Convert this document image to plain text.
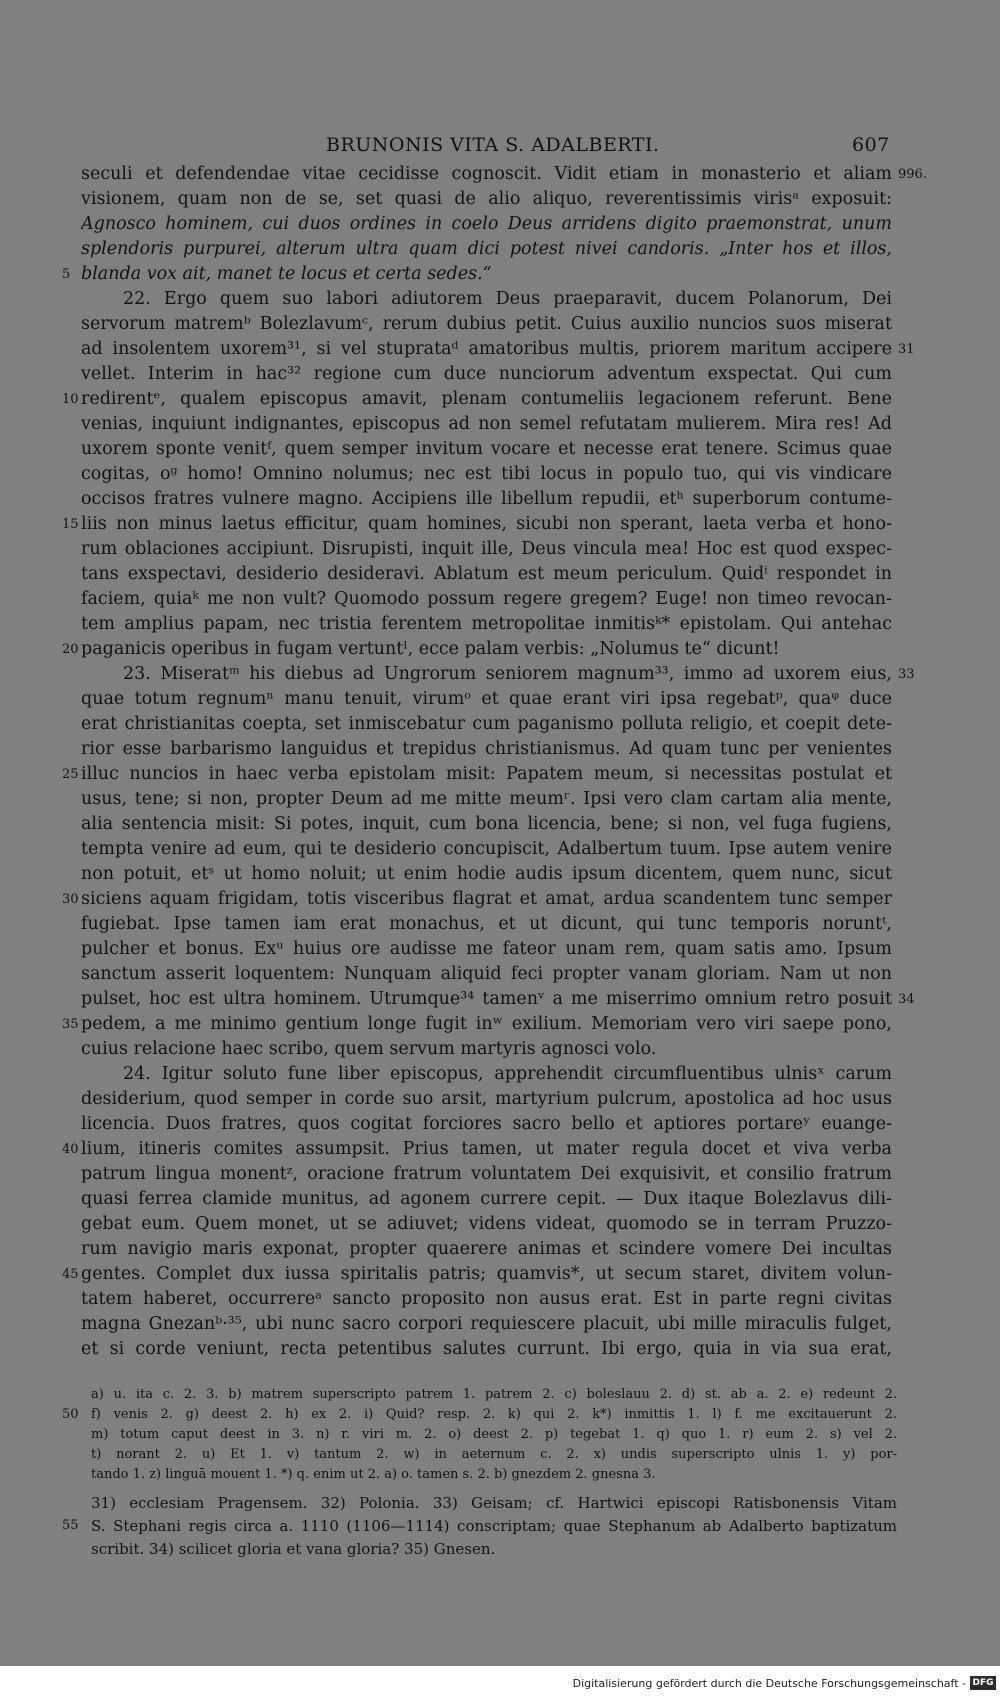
BRUNONIS VITA S. ADALBERTI.	607
seculi et defendendae vitae cecidisse cognoscit. Vidit etiam in monasterio et aliam
visionem, quam non de se, set quasi de alio aliquo, reverentissimis virisᵃ exposuit:
Agnosco hominem, cui duos ordines in coelo Deus arridens digito praemonstrat, unum
splendoris purpurei, alterum ultra quam dici potest nivei candoris. „Inter hos et illos,
blanda vox ait, manet te locus et certa sedes.“
22. Ergo quem suo labori adiutorem Deus praeparavit, ducem Polanorum, Dei
servorum matremᵇ Bolezlavumᶜ, rerum dubius petit. Cuius auxilio nuncios suos miserat
ad insolentem uxorem³¹, si vel stuprataᵈ amatoribus multis, priorem maritum accipere
vellet. Interim in hac³² regione cum duce nunciorum adventum exspectat. Qui cum
redirentᵉ, qualem episcopus amavit, plenam contumeliis legacionem referunt. Bene
venias, inquiunt indignantes, episcopus ad non semel refutatam mulierem. Mira res! Ad
uxorem sponte venitᶠ, quem semper invitum vocare et necesse erat tenere. Scimus quae
cogitas, oᵍ homo! Omnino nolumus; nec est tibi locus in populo tuo, qui vis vindicare
occisos fratres vulnere magno. Accipiens ille libellum repudii, etʰ superborum contume-
liis non minus laetus efficitur, quam homines, sicubi non sperant, laeta verba et hono-
rum oblaciones accipiunt. Disrupisti, inquit ille, Deus vincula mea! Hoc est quod exspec-
tans exspectavi, desiderio desideravi. Ablatum est meum periculum. Quidⁱ respondet in
faciem, quiaᵏ me non vult? Quomodo possum regere gregem? Euge! non timeo revocan-
tem amplius papam, nec tristia ferentem metropolitae inmitisᵏ* epistolam. Qui antehac
paganicis operibus in fugam vertuntˡ, ecce palam verbis: „Nolumus te“ dicunt!
23. Miseratᵐ his diebus ad Ungrorum seniorem magnum³³, immo ad uxorem eius,
quae totum regnumⁿ manu tenuit, virumᵒ et quae erant viri ipsa regebatᵖ, quaᵠ duce
erat christianitas coepta, set inmiscebatur cum paganismo polluta religio, et coepit dete-
rior esse barbarismo languidus et trepidus christianismus. Ad quam tunc per venientes
illuc nuncios in haec verba epistolam misit: Papatem meum, si necessitas postulat et
usus, tene; si non, propter Deum ad me mitte meumʳ. Ipsi vero clam cartam alia mente,
alia sentencia misit: Si potes, inquit, cum bona licencia, bene; si non, vel fuga fugiens,
tempta venire ad eum, qui te desiderio concupiscit, Adalbertum tuum. Ipse autem venire
non potuit, etˢ ut homo noluit; ut enim hodie audis ipsum dicentem, quem nunc, sicut
siciens aquam frigidam, totis visceribus flagrat et amat, ardua scandentem tunc semper
fugiebat. Ipse tamen iam erat monachus, et ut dicunt, qui tunc temporis noruntᵗ,
pulcher et bonus. Exᵘ huius ore audisse me fateor unam rem, quam satis amo. Ipsum
sanctum asserit loquentem: Nunquam aliquid feci propter vanam gloriam. Nam ut non
pulset, hoc est ultra hominem. Utrumque³⁴ tamenᵛ a me miserrimo omnium retro posuit
pedem, a me minimo gentium longe fugit inʷ exilium. Memoriam vero viri saepe pono,
cuius relacione haec scribo, quem servum martyris agnosci volo.
24. Igitur soluto fune liber episcopus, apprehendit circumfluentibus ulnisˣ carum
desiderium, quod semper in corde suo arsit, martyrium pulcrum, apostolica ad hoc usus
licencia. Duos fratres, quos cogitat forciores sacro bello et aptiores portareʸ euange-
lium, itineris comites assumpsit. Prius tamen, ut mater regula docet et viva verba
patrum lingua monentᶻ, oracione fratrum voluntatem Dei exquisivit, et consilio fratrum
quasi ferrea clamide munitus, ad agonem currere cepit. — Dux itaque Bolezlavus dili-
gebat eum. Quem monet, ut se adiuvet; videns videat, quomodo se in terram Pruzzo-
rum navigio maris exponat, propter quaerere animas et scindere vomere Dei incultas
gentes. Complet dux iussa spiritalis patris; quamvis*, ut secum staret, divitem volun-
tatem haberet, occurrereᵃ sancto proposito non ausus erat. Est in parte regni civitas
magna Gnezanᵇ·³⁵, ubi nunc sacro corpori requiescere placuit, ubi mille miraculis fulget,
et si corde veniunt, recta petentibus salutes currunt. Ibi ergo, quia in via sua erat,
5
10
15
20
25
30
35
40
45
996.
31
33
34
a) u. ita c. 2. 3. b) matrem superscripto patrem 1. patrem 2. c) boleslauu 2. d) st. ab a. 2. e) redeunt 2.
f) venis 2. g) deest 2. h) ex 2. i) Quid? resp. 2. k) qui 2. k*) inmittis 1. l) f. me excitauerunt 2.
m) totum caput deest in 3. n) r. viri m. 2. o) deest 2. p) tegebat 1. q) quo 1. r) eum 2. s) vel 2.
t) norant 2. u) Et 1. v) tantum 2. w) in aeternum c. 2. x) undis superscripto ulnis 1. y) por-
tando 1. z) linguā mouent 1. *) q. enim ut 2. a) o. tamen s. 2. b) gnezdem 2. gnesna 3.
50
31) ecclesiam Pragensem. 32) Polonia. 33) Geisam; cf. Hartwici episcopi Ratisbonensis Vitam
S. Stephani regis circa a. 1110 (1106—1114) conscriptam; quae Stephanum ab Adalberto baptizatum
scribit. 34) scilicet gloria et vana gloria? 35) Gnesen.
55
Digitalisierung gefördert durch die Deutsche Forschungsgemeinschaft - DFG
